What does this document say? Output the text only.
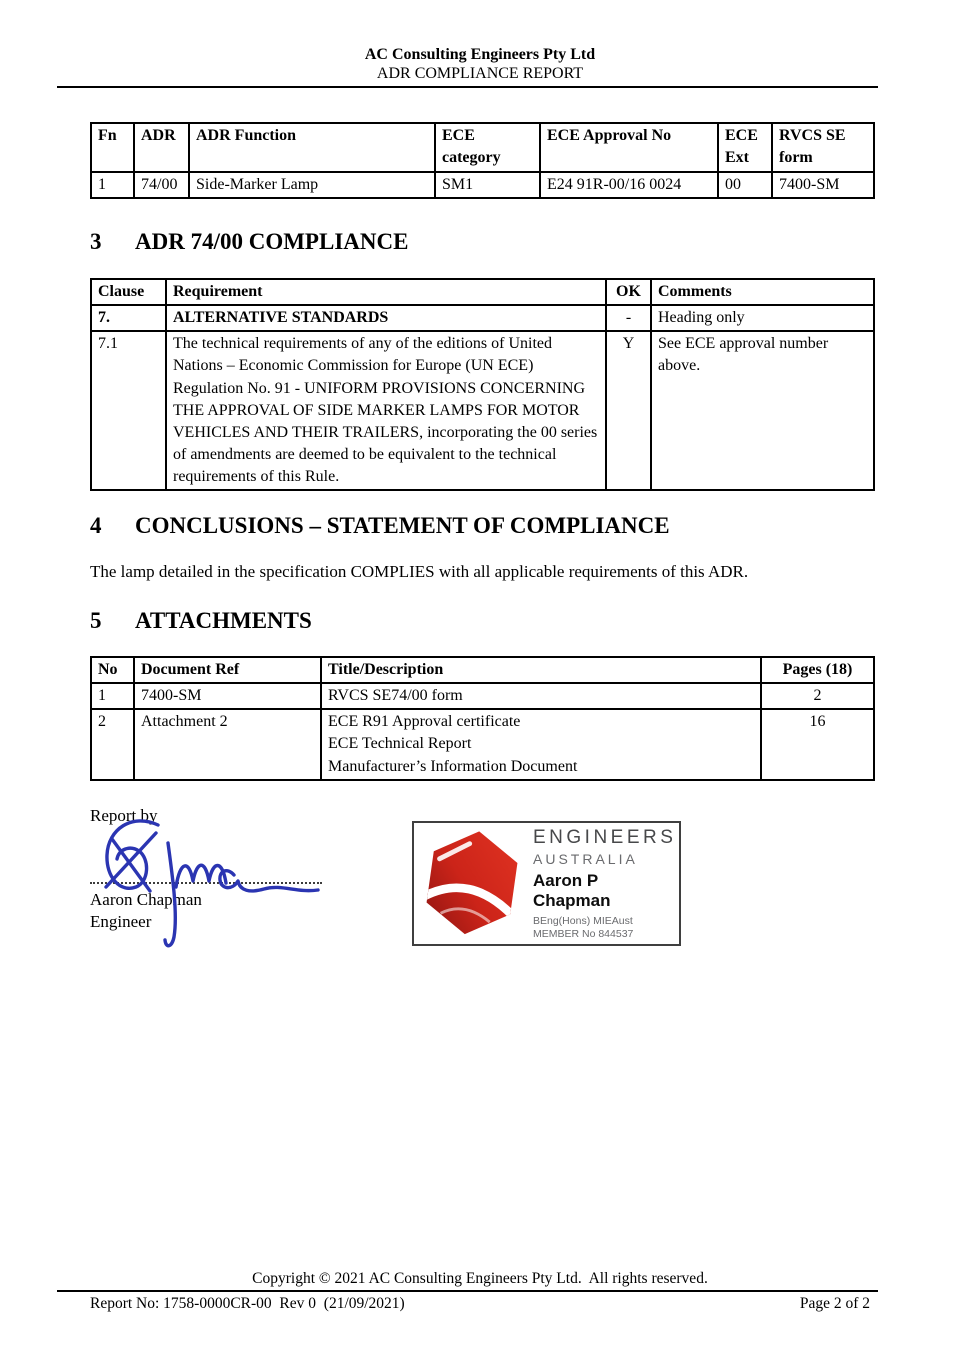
AC Consulting Engineers Pty Ltd
ADR COMPLIANCE REPORT
Fn	ADR	ADR Function	ECE category	ECE Approval No	ECE Ext	RVCS SE form
1	74/00	Side-Marker Lamp	SM1	E24 91R-00/16 0024	00	7400-SM
3	ADR 74/00 COMPLIANCE
Clause	Requirement	OK	Comments
7.	ALTERNATIVE STANDARDS	-	Heading only
7.1	The technical requirements of any of the editions of United Nations – Economic Commission for Europe (UN ECE) Regulation No. 91 - UNIFORM PROVISIONS CONCERNING THE APPROVAL OF SIDE MARKER LAMPS FOR MOTOR VEHICLES AND THEIR TRAILERS, incorporating the 00 series of amendments are deemed to be equivalent to the technical requirements of this Rule.	Y	See ECE approval number above.
4	CONCLUSIONS – STATEMENT OF COMPLIANCE
The lamp detailed in the specification COMPLIES with all applicable requirements of this ADR.
5	ATTACHMENTS
No	Document Ref	Title/Description	Pages (18)
1	7400-SM	RVCS SE74/00 form	2
2	Attachment 2	ECE R91 Approval certificate
ECE Technical Report
Manufacturer’s Information Document	16
Report by
Aaron Chapman
Engineer
ENGINEERS
AUSTRALIA
Aaron P Chapman
BEng(Hons) MIEAust
MEMBER No 844537
Copyright © 2021 AC Consulting Engineers Pty Ltd.  All rights reserved.
Report No: 1758-0000CR-00  Rev 0  (21/09/2021)	Page 2 of 2
